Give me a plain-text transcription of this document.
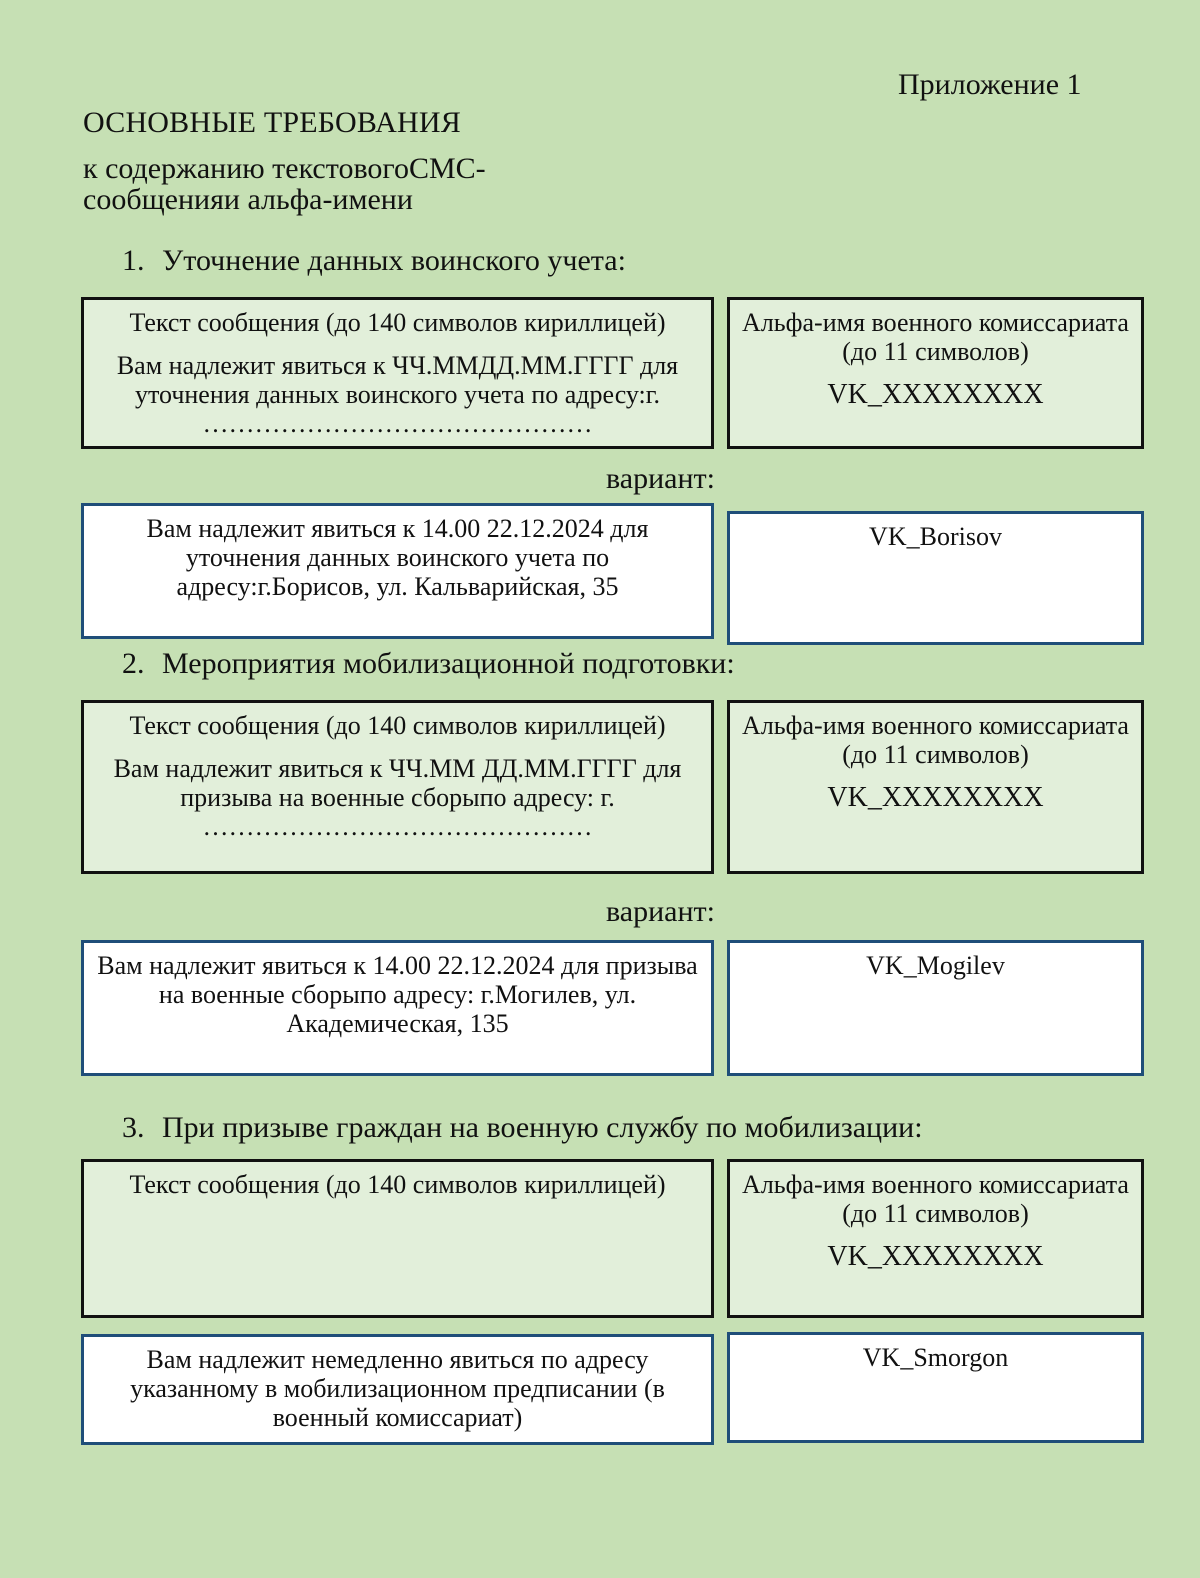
Приложение 1
ОСНОВНЫЕ ТРЕБОВАНИЯ
к содержанию текстовогоСМС-сообщенияи альфа-имени
1. Уточнение данных воинского учета:
Текст сообщения (до 140 символов кириллицей)
Вам надлежит явиться к ЧЧ.ММДД.ММ.ГГГГ для уточнения данных воинского учета по адресу:г. ………………………………………
Альфа-имя военного комиссариата (до 11 символов)
VK_XXXXXXXX
вариант:
Вам надлежит явиться к 14.00 22.12.2024 для уточнения данных воинского учета по адресу:г.Борисов, ул. Кальварийская, 35
VK_Borisov
2. Мероприятия мобилизационной подготовки:
Текст сообщения (до 140 символов кириллицей)
Вам надлежит явиться к ЧЧ.ММ ДД.ММ.ГГГГ для призыва на военные сборыпо адресу: г. ………………………………………
Альфа-имя военного комиссариата (до 11 символов)
VK_XXXXXXXX
вариант:
Вам надлежит явиться к 14.00 22.12.2024 для призыва на военные сборыпо адресу: г.Могилев, ул. Академическая, 135
VK_Mogilev
3. При призыве граждан на военную службу по мобилизации:
Текст сообщения (до 140 символов кириллицей)	Альфа-имя военного комиссариата (до 11 символов)
VK_XXXXXXXX
Вам надлежит немедленно явиться по адресу указанному в мобилизационном предписании (в военный комиссариат)
VK_Smorgon
